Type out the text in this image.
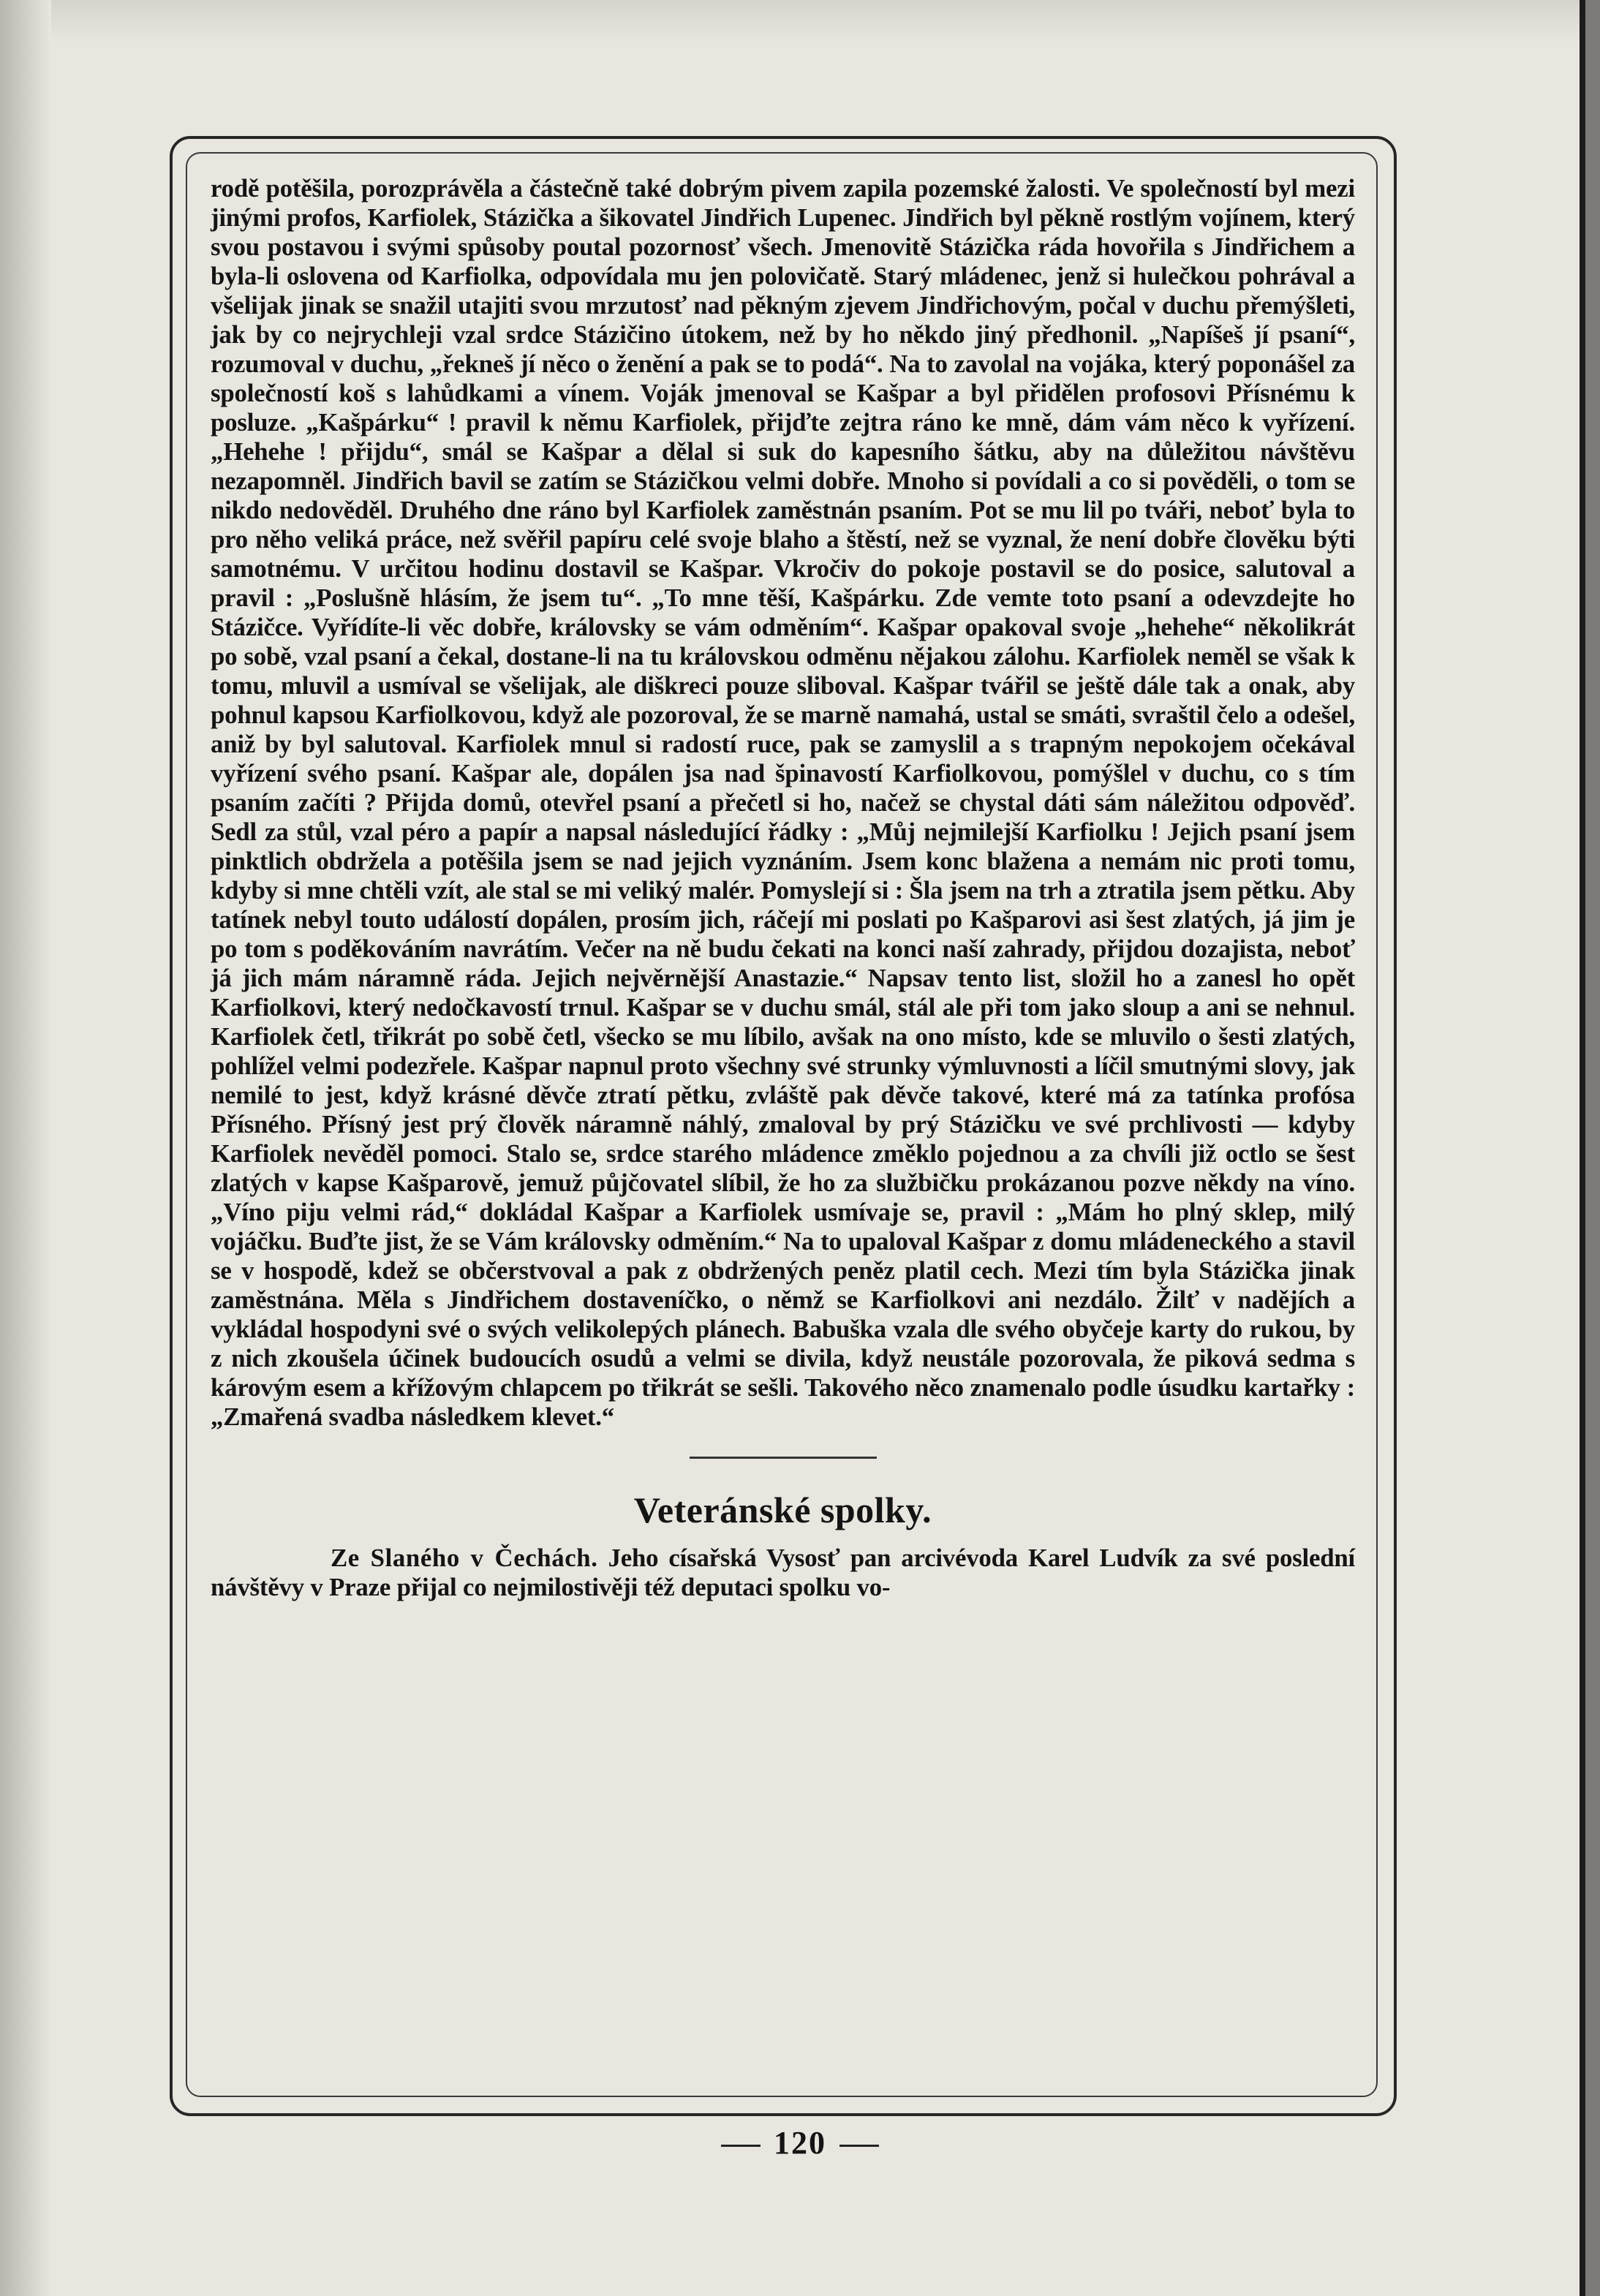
rodě potěšila, porozprávěla a částečně také dobrým pivem zapila pozemské žalosti. Ve společností byl mezi jinými profos, Karfiolek, Stázička a šikovatel Jindřich Lupenec. Jindřich byl pěkně rostlým vojínem, který svou postavou i svými spůsoby poutal pozornosť všech. Jmenovitě Stázička ráda hovořila s Jindřichem a byla-li oslovena od Karfiolka, odpovídala mu jen polovičatě. Starý mládenec, jenž si hulečkou pohrával a všelijak jinak se snažil utajiti svou mrzutosť nad pěkným zjevem Jindřichovým, počal v duchu přemýšleti, jak by co nejrychleji vzal srdce Stázičino útokem, než by ho někdo jiný předhonil. „Napíšeš jí psaní“, rozumoval v duchu, „řekneš jí něco o ženění a pak se to podá“. Na to zavolal na vojáka, který poponášel za společností koš s lahůdkami a vínem. Voják jmenoval se Kašpar a byl přidělen profosovi Přísnému k posluze. „Kašpárku“ ! pravil k němu Karfiolek, přijďte zejtra ráno ke mně, dám vám něco k vyřízení. „Hehehe ! přijdu“, smál se Kašpar a dělal si suk do kapesního šátku, aby na důležitou návštěvu nezapomněl. Jindřich bavil se zatím se Stázičkou velmi dobře. Mnoho si povídali a co si pověděli, o tom se nikdo nedověděl. Druhého dne ráno byl Karfiolek zaměstnán psaním. Pot se mu lil po tváři, neboť byla to pro něho veliká práce, než svěřil papíru celé svoje blaho a štěstí, než se vyznal, že není dobře člověku býti samotnému. V určitou hodinu dostavil se Kašpar. Vkročiv do pokoje postavil se do posice, salutoval a pravil : „Poslušně hlásím, že jsem tu“. „To mne těší, Kašpárku. Zde vemte toto psaní a odevzdejte ho Stázičce. Vyřídíte-li věc dobře, královsky se vám odměním“. Kašpar opakoval svoje „hehehe“ několikrát po sobě, vzal psaní a čekal, dostane-li na tu královskou odměnu nějakou zálohu. Karfiolek neměl se však k tomu, mluvil a usmíval se všelijak, ale diškreci pouze sliboval. Kašpar tvářil se ještě dále tak a onak, aby pohnul kapsou Karfiolkovou, když ale pozoroval, že se marně namahá, ustal se smáti, svraštil čelo a odešel, aniž by byl salutoval. Karfiolek mnul si radostí ruce, pak se zamyslil a s trapným nepokojem očekával vyřízení svého psaní. Kašpar ale, dopálen jsa nad špinavostí Karfiolkovou, pomýšlel v duchu, co s tím psaním začíti ? Přijda domů, otevřel psaní a přečetl si ho, načež se chystal dáti sám náležitou odpověď. Sedl za stůl, vzal péro a papír a napsal následující řádky : „Můj nejmilejší Karfiolku ! Jejich psaní jsem pinktlich obdržela a potěšila jsem se nad jejich vyznáním. Jsem konc blažena a nemám nic proti tomu, kdyby si mne chtěli vzít, ale stal se mi veliký malér. Pomyslejí si : Šla jsem na trh a ztratila jsem pětku. Aby tatínek nebyl touto událostí dopálen, prosím jich, ráčejí mi poslati po Kašparovi asi šest zlatých, já jim je po tom s poděkováním navrátím. Večer na ně budu čekati na konci naší zahrady, přijdou dozajista, neboť já jich mám náramně ráda. Jejich nejvěrnější Anastazie.“ Napsav tento list, složil ho a zanesl ho opět Karfiolkovi, který nedočkavostí trnul. Kašpar se v duchu smál, stál ale při tom jako sloup a ani se nehnul. Karfiolek četl, třikrát po sobě četl, všecko se mu líbilo, avšak na ono místo, kde se mluvilo o šesti zlatých, pohlížel velmi podezřele. Kašpar napnul proto všechny své strunky výmluvnosti a líčil smutnými slovy, jak nemilé to jest, když krásné děvče ztratí pětku, zvláště pak děvče takové, které má za tatínka profósa Přísného. Přísný jest prý člověk náramně náhlý, zmaloval by prý Stázičku ve své prchlivosti — kdyby Karfiolek nevěděl pomoci. Stalo se, srdce starého mládence změklo pojednou a za chvíli již octlo se šest zlatých v kapse Kašparově, jemuž půjčovatel slíbil, že ho za službičku prokázanou pozve někdy na víno. „Víno piju velmi rád,“ dokládal Kašpar a Karfiolek usmívaje se, pravil : „Mám ho plný sklep, milý vojáčku. Buďte jist, že se Vám královsky odměním.“ Na to upaloval Kašpar z domu mládeneckého a stavil se v hospodě, kdež se občerstvoval a pak z obdržených peněz platil cech. Mezi tím byla Stázička jinak zaměstnána. Měla s Jindřichem dostaveníčko, o němž se Karfiolkovi ani nezdálo. Žilť v nadějích a vykládal hospodyni své o svých velikolepých plánech. Babuška vzala dle svého obyčeje karty do rukou, by z nich zkoušela účinek budoucích osudů a velmi se divila, když neustále pozorovala, že piková sedma s károvým esem a křížovým chlapcem po třikrát se sešli. Takového něco znamenalo podle úsudku kartařky : „Zmařená svadba následkem klevet.“

Veteránské spolky.

Ze Slaného v Čechách. Jeho císařská Vysosť pan arcivévoda Karel Ludvík za své poslední návštěvy v Praze přijal co nejmilostivěji též deputaci spolku vo-

120
